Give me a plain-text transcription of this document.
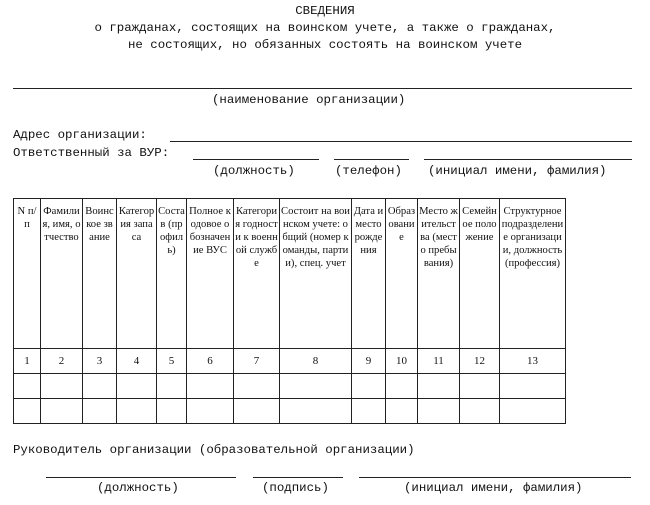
СВЕДЕНИЯ
о гражданах, состоящих на воинском учете, а также о гражданах,
не состоящих, но обязанных состоять на воинском учете
(наименование организации)
Адрес организации:
Ответственный за ВУР:
(должность)	(телефон) (инициал имени, фамилия)
N п/п	Фамилия, имя, отчество	Воинское звание	Категория запаса	Состав (профиль)	Полное кодовое обозначение ВУС	Категория годности к военной службе	Состоит на воинском учете: общий (номер команды, партии), спец. учет	Дата и место рождения	Образование	Место жительства (место пребывания)	Семейное положение	Структурное подразделение организации, должность (профессия)
1	2	3	4	5	6	7	8	9	10	11	12	13

Руководитель организации (образовательной организации)
(должность)	(подпись)	(инициал имени, фамилия)
